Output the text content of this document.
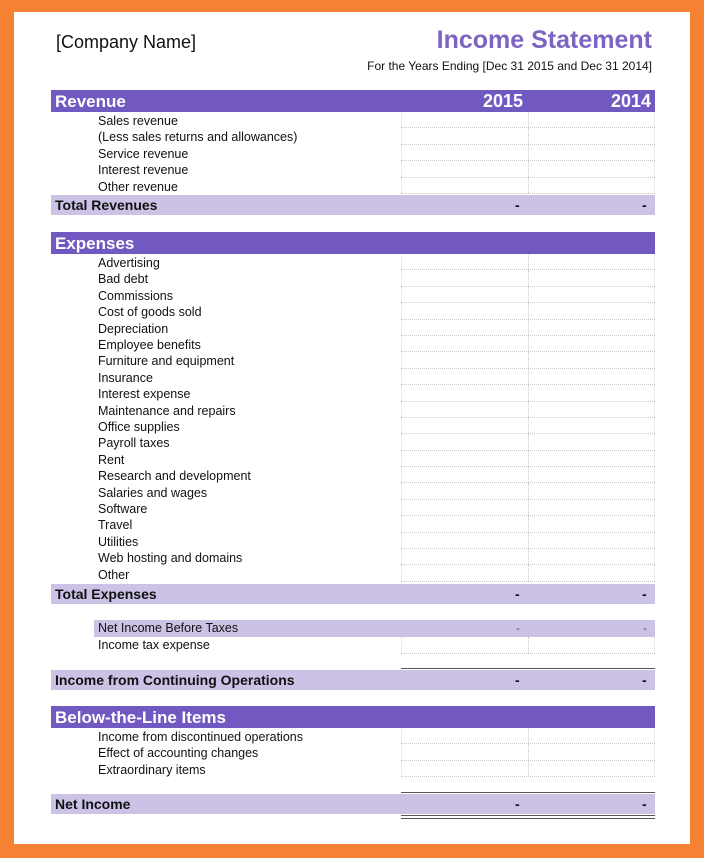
[Company Name]	Income Statement
For the Years Ending [Dec 31 2015 and Dec 31 2014]
Revenue	2015	2014
Sales revenue
(Less sales returns and allowances)
Service revenue
Interest revenue
Other revenue
Total Revenues	-	-
Expenses
Advertising
Bad debt
Commissions
Cost of goods sold
Depreciation
Employee benefits
Furniture and equipment
Insurance
Interest expense
Maintenance and repairs
Office supplies
Payroll taxes
Rent
Research and development
Salaries and wages
Software
Travel
Utilities
Web hosting and domains
Other
Total Expenses	-	-
Net Income Before Taxes	-	-
Income tax expense
Income from Continuing Operations	-	-
Below-the-Line Items
Income from discontinued operations
Effect of accounting changes
Extraordinary items
Net Income	-	-
